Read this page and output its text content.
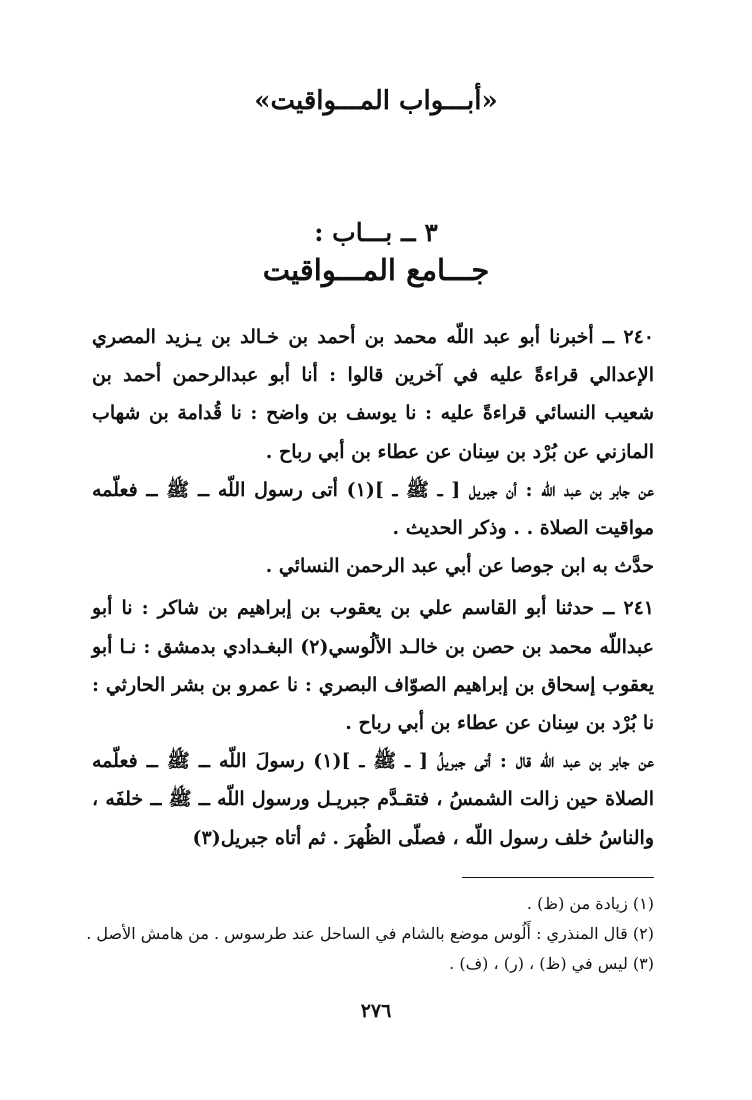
«أبـــواب المـــواقيت»
٣ ــ بـــاب :
جـــامع المـــواقيت

٢٤٠ ــ أخبرنا أبو عبد اللّه محمد بن أحمد بن خـالد بن يـزيد المصري الإعدالي قراءةً عليه في آخرين قالوا : أنا أبو عبدالرحمن أحمد بن شعيب النسائي قراءةً عليه : نا يوسف بن واضح : نا قُدامة بن شهاب المازني عن بُرْد بن سِنان عن عطاء بن أبي رباح .

عن جابر بن عبد اللّه : أن جبريل [ ــ ﷺ ــ ](١) أتى رسول اللّه ــ ﷺ ــ فعلّمه مواقيت الصلاة . . وذكر الحديث .

حدَّث به ابن جوصا عن أبي عبد الرحمن النسائي .

٢٤١ ــ حدثنا أبو القاسم علي بن يعقوب بن إبراهيم بن شاكر : نا أبو عبداللّه محمد بن حصن بن خالـد الألُوسي(٢) البغـدادي بدمشق : نـا أبو يعقوب إسحاق بن إبراهيم الصوّاف البصري : نا عمرو بن بشر الحارثي : نا بُرْد بن سِنان عن عطاء بن أبي رباح .

عن جابر بن عبد اللّه قال : أتى جبريلُ [ ــ ﷺ ــ ](١) رسولَ اللّه ــ ﷺ ــ فعلّمه الصلاة حين زالت الشمسُ ، فتقـدَّم جبريـل ورسول اللّه ــ ﷺ ــ خلفَه ، والناسُ خلف رسول اللّه ، فصلّى الظُهرَ . ثم أتاه جبريل(٣)

(١) زيادة من (ظ) .

(٢) قال المنذري : أَلُوس موضع بالشام في الساحل عند طرسوس . من هامش الأصل .

(٣) ليس في (ظ) ، (ر) ، (ف) .

٢٧٦
